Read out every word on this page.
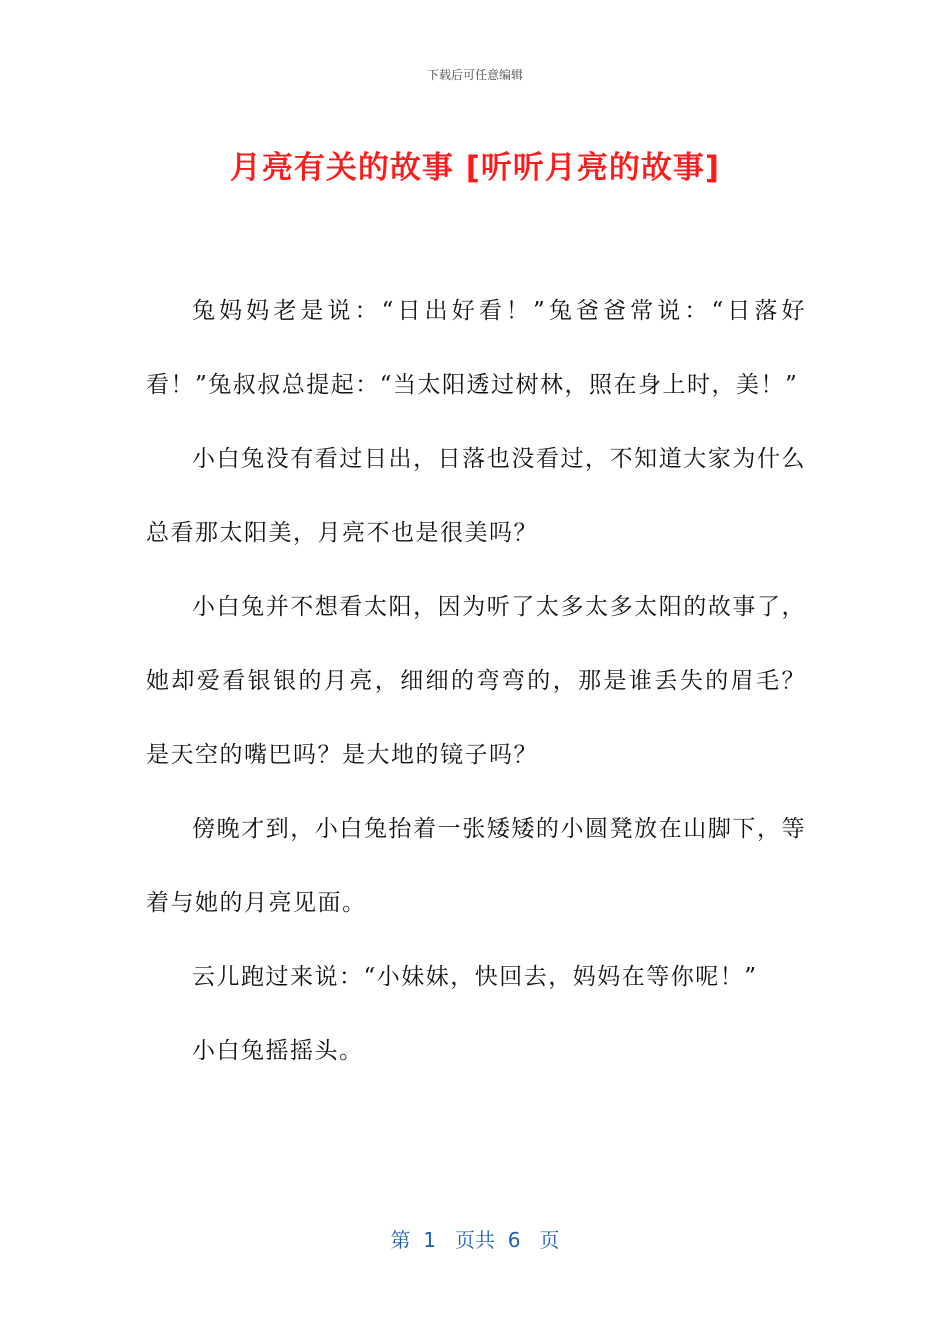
下载后可任意编辑
月亮有关的故事 [听听月亮的故事]

兔妈妈老是说：“日出好看！”兔爸爸常说：“日落好看！”兔叔叔总提起：“当太阳透过树林，照在身上时，美！”

小白兔没有看过日出，日落也没看过，不知道大家为什么总看那太阳美，月亮不也是很美吗？

小白兔并不想看太阳，因为听了太多太多太阳的故事了，她却爱看银银的月亮，细细的弯弯的，那是谁丢失的眉毛？是天空的嘴巴吗？是大地的镜子吗？

傍晚才到，小白兔抬着一张矮矮的小圆凳放在山脚下，等着与她的月亮见面。

云儿跑过来说：“小妹妹，快回去，妈妈在等你呢！”

小白兔摇摇头。

第 1 页共 6 页
